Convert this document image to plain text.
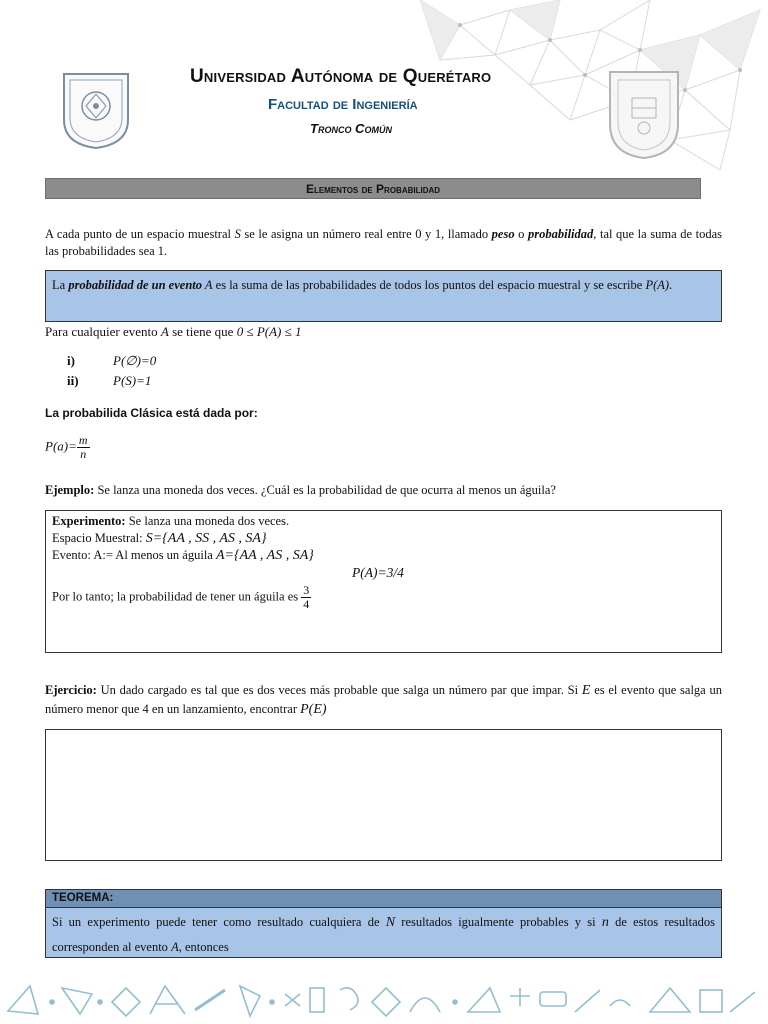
Universidad Autónoma de Querétaro
Facultad de Ingeniería
Tronco Común
Elementos de Probabilidad
A cada punto de un espacio muestral S se le asigna un número real entre 0 y 1, llamado peso o probabilidad, tal que la suma de todas las probabilidades sea 1.
La probabilidad de un evento A es la suma de las probabilidades de todos los puntos del espacio muestral y se escribe P(A).
Para cualquier evento A se tiene que 0 ≤ P(A) ≤ 1
i)	P(∅)=0
ii)	P(S)=1
La probabilida Clásica está dada por:
$P(a)= \frac{m}{n}$
Ejemplo: Se lanza una moneda dos veces. ¿Cuál es la probabilidad de que ocurra al menos un águila?
Experimento: Se lanza una moneda dos veces.
Espacio Muestral: S={AA , SS , AS , SA}
Evento: A:= Al menos un águila A={AA , AS , SA}
P(A)=3/4
Por lo tanto; la probabilidad de tener un águila es $\frac{3}{4}$
Ejercicio: Un dado cargado es tal que es dos veces más probable que salga un número par que impar. Si E es el evento que salga un número menor que 4 en un lanzamiento, encontrar P(E)
TEOREMA:
Si un experimento puede tener como resultado cualquiera de N resultados igualmente probables y si n de estos resultados corresponden al evento A, entonces
